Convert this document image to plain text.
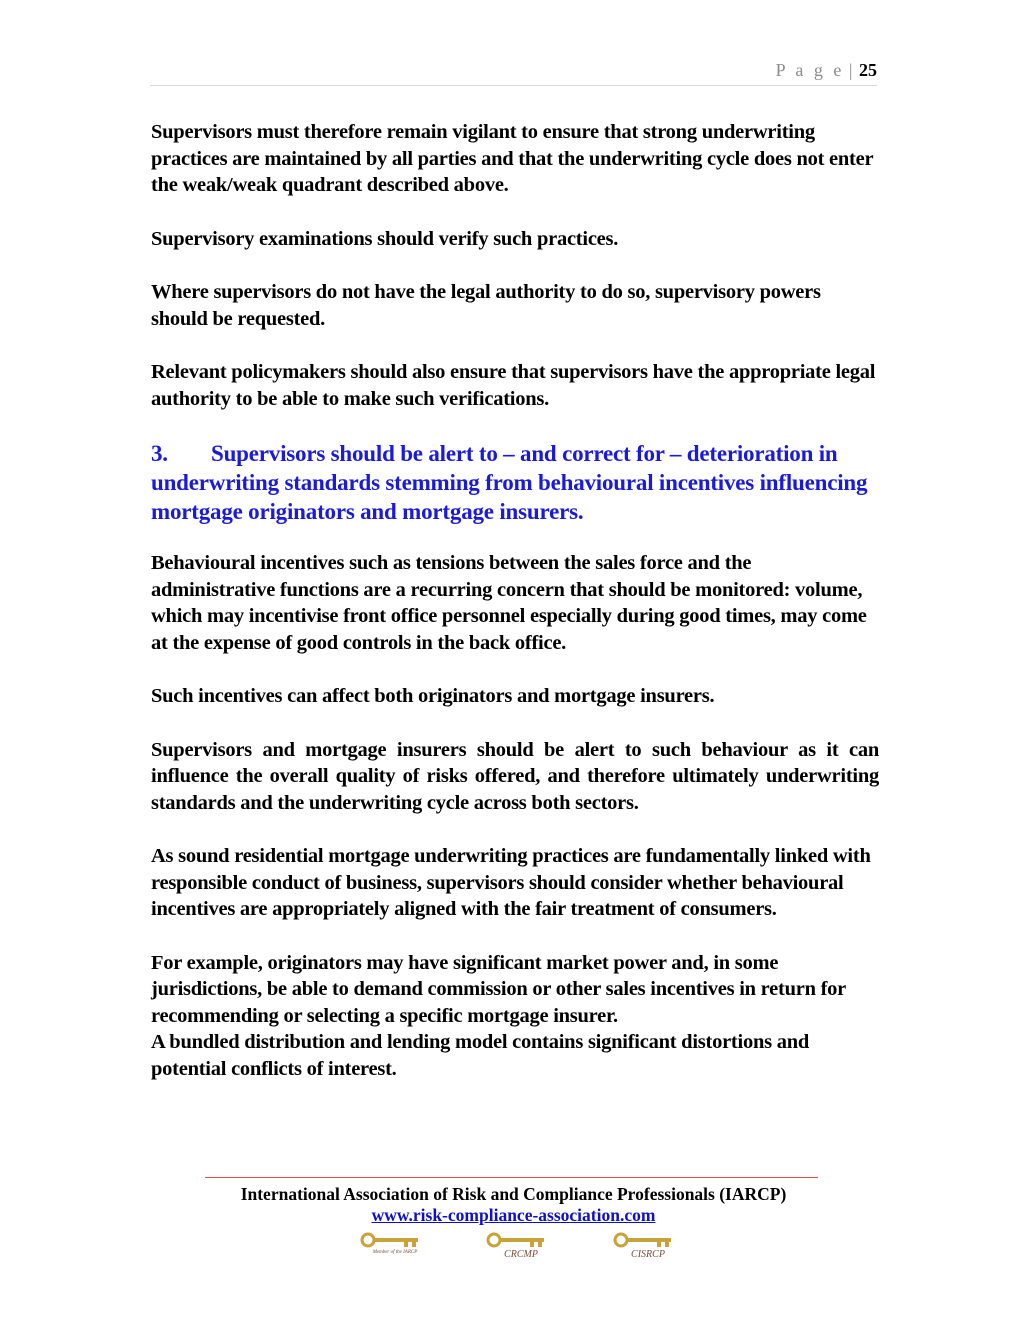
P a g e | 25

Supervisors must therefore remain vigilant to ensure that strong underwriting practices are maintained by all parties and that the underwriting cycle does not enter the weak/weak quadrant described above.

Supervisory examinations should verify such practices.

Where supervisors do not have the legal authority to do so, supervisory powers should be requested.

Relevant policymakers should also ensure that supervisors have the appropriate legal authority to be able to make such verifications.

3. Supervisors should be alert to – and correct for – deterioration in underwriting standards stemming from behavioural incentives influencing mortgage originators and mortgage insurers.

Behavioural incentives such as tensions between the sales force and the administrative functions are a recurring concern that should be monitored: volume, which may incentivise front office personnel especially during good times, may come at the expense of good controls in the back office.

Such incentives can affect both originators and mortgage insurers.

Supervisors and mortgage insurers should be alert to such behaviour as it can influence the overall quality of risks offered, and therefore ultimately underwriting standards and the underwriting cycle across both sectors.

As sound residential mortgage underwriting practices are fundamentally linked with responsible conduct of business, supervisors should consider whether behavioural incentives are appropriately aligned with the fair treatment of consumers.

For example, originators may have significant market power and, in some jurisdictions, be able to demand commission or other sales incentives in return for recommending or selecting a specific mortgage insurer.

A bundled distribution and lending model contains significant distortions and potential conflicts of interest.

International Association of Risk and Compliance Professionals (IARCP)
www.risk-compliance-association.com
Member of the IARCP	CRCMP	CISRCP
